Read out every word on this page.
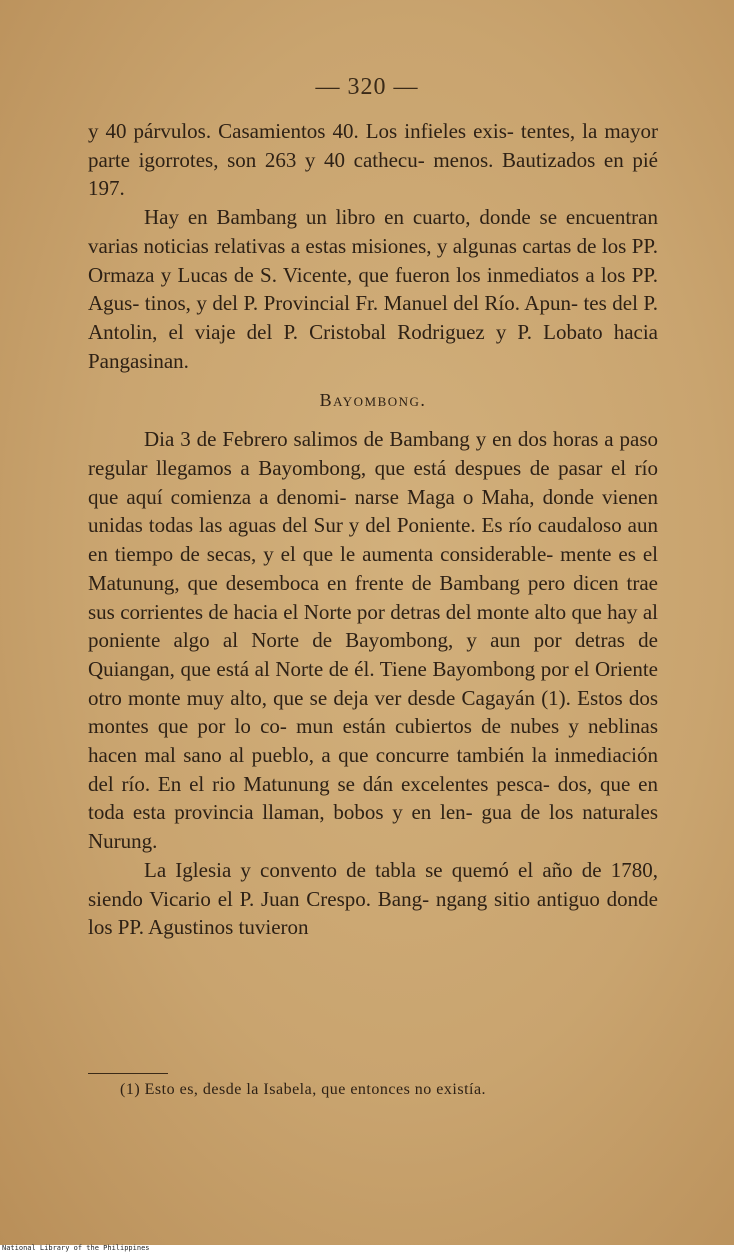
— 320 —

y 40 párvulos. Casamientos 40. Los infieles exis- tentes, la mayor parte igorrotes, son 263 y 40 cathecu- menos. Bautizados en pié 197.

Hay en Bambang un libro en cuarto, donde se encuentran varias noticias relativas a estas misiones, y algunas cartas de los PP. Ormaza y Lucas de S. Vicente, que fueron los inmediatos a los PP. Agus- tinos, y del P. Provincial Fr. Manuel del Río. Apun- tes del P. Antolin, el viaje del P. Cristobal Rodriguez y P. Lobato hacia Pangasinan.

Bayombong.

Dia 3 de Febrero salimos de Bambang y en dos horas a paso regular llegamos a Bayombong, que está despues de pasar el río que aquí comienza a denomi- narse Maga o Maha, donde vienen unidas todas las aguas del Sur y del Poniente. Es río caudaloso aun en tiempo de secas, y el que le aumenta considerable- mente es el Matunung, que desemboca en frente de Bambang pero dicen trae sus corrientes de hacia el Norte por detras del monte alto que hay al poniente algo al Norte de Bayombong, y aun por detras de Quiangan, que está al Norte de él. Tiene Bayombong por el Oriente otro monte muy alto, que se deja ver desde Cagayán (1). Estos dos montes que por lo co- mun están cubiertos de nubes y neblinas hacen mal sano al pueblo, a que concurre también la inmediación del río. En el rio Matunung se dán excelentes pesca- dos, que en toda esta provincia llaman, bobos y en len- gua de los naturales Nurung.

La Iglesia y convento de tabla se quemó el año de 1780, siendo Vicario el P. Juan Crespo. Bang- ngang sitio antiguo donde los PP. Agustinos tuvieron

(1) Esto es, desde la Isabela, que entonces no existía.
National Library of the Philippines
